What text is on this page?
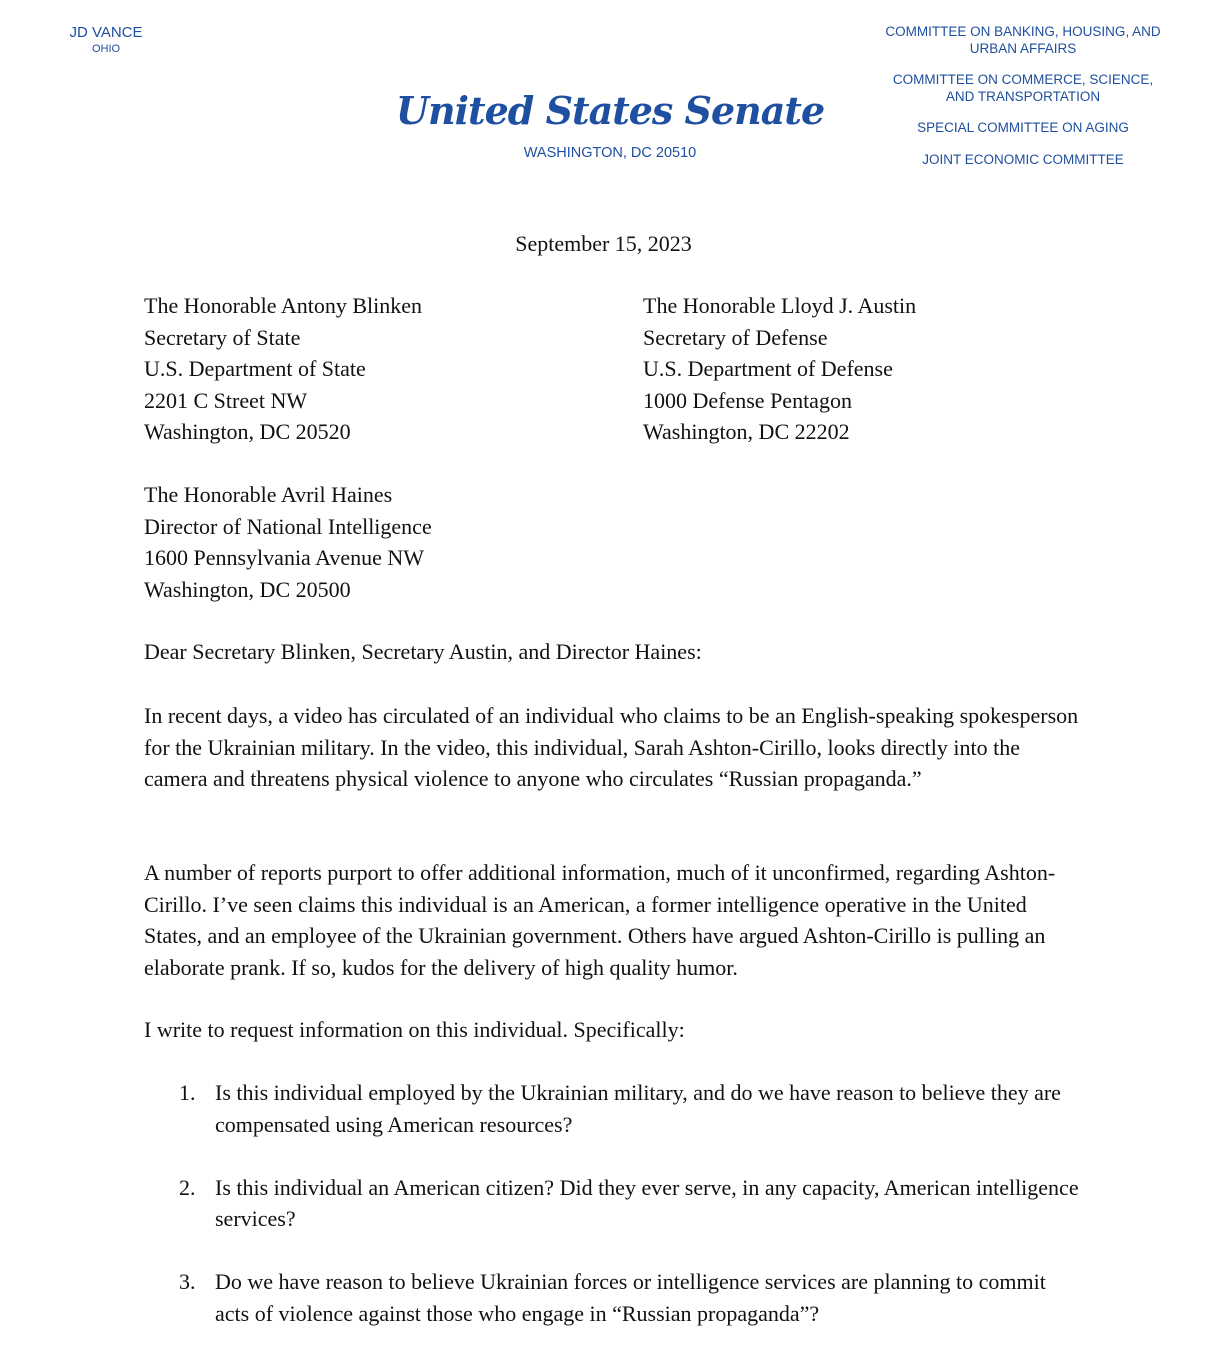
JD VANCE
OHIO
United States Senate
WASHINGTON, DC 20510
COMMITTEE ON BANKING, HOUSING, AND URBAN AFFAIRS
COMMITTEE ON COMMERCE, SCIENCE, AND TRANSPORTATION
SPECIAL COMMITTEE ON AGING
JOINT ECONOMIC COMMITTEE
September 15, 2023
The Honorable Antony Blinken
Secretary of State
U.S. Department of State
2201 C Street NW
Washington, DC 20520
The Honorable Lloyd J. Austin
Secretary of Defense
U.S. Department of Defense
1000 Defense Pentagon
Washington, DC 22202
The Honorable Avril Haines
Director of National Intelligence
1600 Pennsylvania Avenue NW
Washington, DC 20500
Dear Secretary Blinken, Secretary Austin, and Director Haines:
In recent days, a video has circulated of an individual who claims to be an English-speaking spokesperson for the Ukrainian military. In the video, this individual, Sarah Ashton-Cirillo, looks directly into the camera and threatens physical violence to anyone who circulates “Russian propaganda.”
A number of reports purport to offer additional information, much of it unconfirmed, regarding Ashton-Cirillo. I’ve seen claims this individual is an American, a former intelligence operative in the United States, and an employee of the Ukrainian government. Others have argued Ashton-Cirillo is pulling an elaborate prank. If so, kudos for the delivery of high quality humor.
I write to request information on this individual. Specifically:
1. Is this individual employed by the Ukrainian military, and do we have reason to believe they are compensated using American resources?
2. Is this individual an American citizen? Did they ever serve, in any capacity, American intelligence services?
3. Do we have reason to believe Ukrainian forces or intelligence services are planning to commit acts of violence against those who engage in “Russian propaganda”?
